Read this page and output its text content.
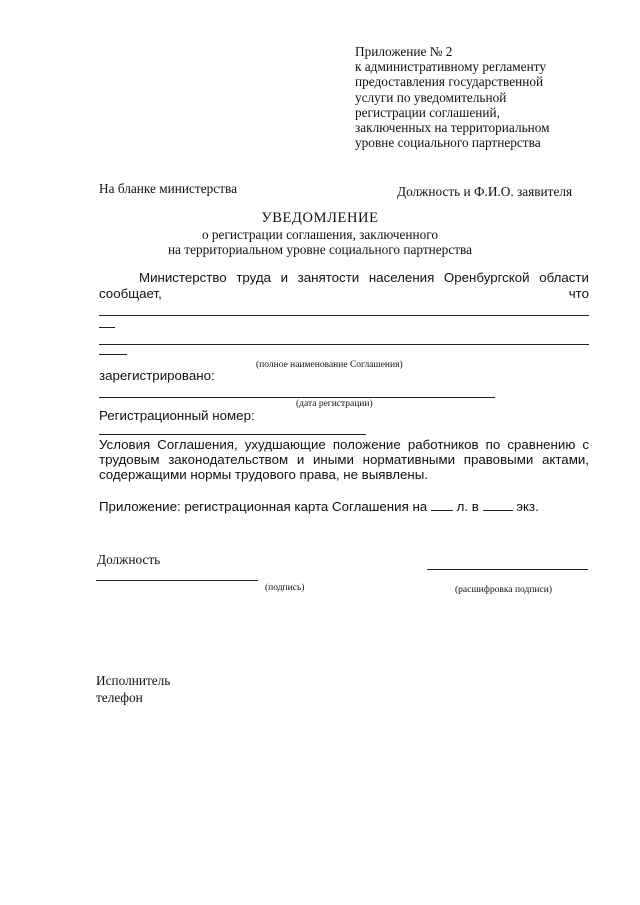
Приложение № 2
к административному регламенту
предоставления государственной
услуги по уведомительной
регистрации соглашений,
заключенных на территориальном
уровне социального партнерства
На бланке министерства	Должность и Ф.И.О. заявителя
УВЕДОМЛЕНИЕ
о регистрации соглашения, заключенного
на территориальном уровне социального партнерства
Министерство труда и занятости населения Оренбургской области
сообщает,	что
(полное наименование Соглашения)
зарегистрировано:
(дата регистрации)
Регистрационный номер:
Условия Соглашения, ухудшающие положение работников по сравнению с
трудовым законодательством и иными нормативными правовыми актами,
содержащими нормы трудового права, не выявлены.
Приложение: регистрационная карта Соглашения на л. в	экз.
Должность
(подпись)	(расшифровка подписи)
Исполнитель
телефон
